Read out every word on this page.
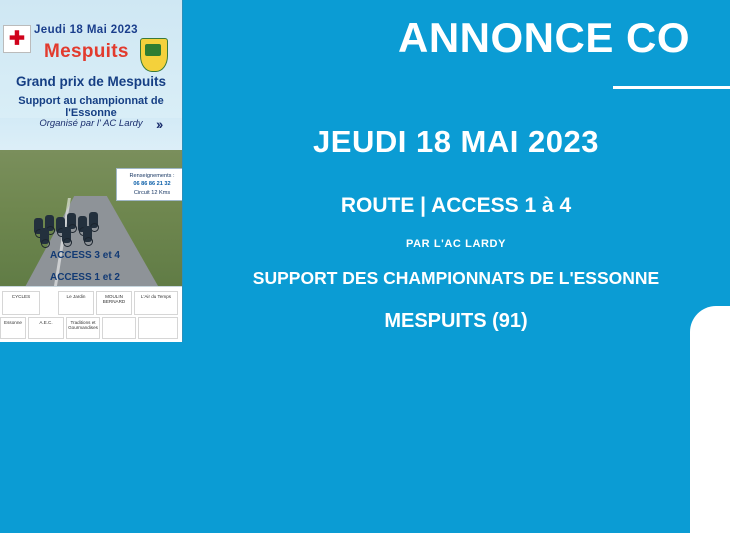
✚ Jeudi 18 Mai 2023
Mespuits
Grand prix de Mespuits
Support au championnat de l'Essonne
Organisé par l' AC Lardy ››
Renseignements :
06 86 86 21 32
Circuit 12 Kms
ACCESS 3 et 4
ACCESS 1 et 2
CYCLES	Le Jardin	MOULIN BERNARD
L'Air du Temps
Essonne	A.E.C.	Traditions et Gourmandises
ANNONCE CO
JEUDI 18 MAI 2023
ROUTE | ACCESS 1 à 4
PAR L'AC LARDY
SUPPORT DES CHAMPIONNATS DE L'ESSONNE
MESPUITS (91)
